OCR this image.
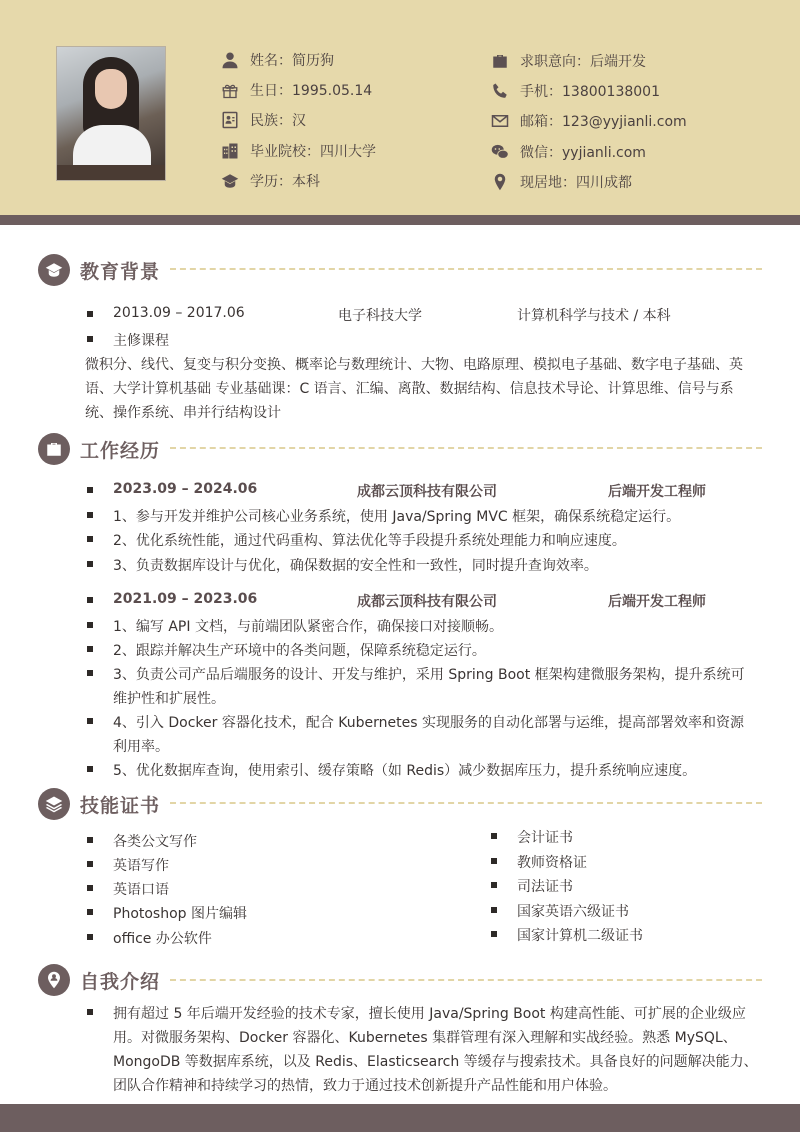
姓名：简历狗
生日：1995.05.14
民族：汉
毕业院校：四川大学
学历：本科
求职意向：后端开发
手机：13800138001
邮箱：123@yyjianli.com
微信：yyjianli.com
现居地：四川成都
教育背景
2013.09 – 2017.06	电子科技大学	计算机科学与技术 / 本科
主修课程
微积分、线代、复变与积分变换、概率论与数理统计、大物、电路原理、模拟电子基础、数字电子基础、英
语、大学计算机基础 专业基础课：C 语言、汇编、离散、数据结构、信息技术导论、计算思维、信号与系
统、操作系统、串并行结构设计
工作经历
2023.09 – 2024.06	成都云顶科技有限公司	后端开发工程师
1、参与开发并维护公司核心业务系统，使用 Java/Spring MVC 框架，确保系统稳定运行。
2、优化系统性能，通过代码重构、算法优化等手段提升系统处理能力和响应速度。
3、负责数据库设计与优化，确保数据的安全性和一致性，同时提升查询效率。
2021.09 – 2023.06	成都云顶科技有限公司	后端开发工程师
1、编写 API 文档，与前端团队紧密合作，确保接口对接顺畅。
2、跟踪并解决生产环境中的各类问题，保障系统稳定运行。
3、负责公司产品后端服务的设计、开发与维护，采用 Spring Boot 框架构建微服务架构，提升系统可
维护性和扩展性。
4、引入 Docker 容器化技术，配合 Kubernetes 实现服务的自动化部署与运维，提高部署效率和资源
利用率。
5、优化数据库查询，使用索引、缓存策略（如 Redis）减少数据库压力，提升系统响应速度。
技能证书
各类公文写作
英语写作
英语口语
Photoshop 图片编辑
office 办公软件
会计证书
教师资格证
司法证书
国家英语六级证书
国家计算机二级证书
自我介绍
拥有超过 5 年后端开发经验的技术专家，擅长使用 Java/Spring Boot 构建高性能、可扩展的企业级应
用。对微服务架构、Docker 容器化、Kubernetes 集群管理有深入理解和实战经验。熟悉 MySQL、
MongoDB 等数据库系统，以及 Redis、Elasticsearch 等缓存与搜索技术。具备良好的问题解决能力、
团队合作精神和持续学习的热情，致力于通过技术创新提升产品性能和用户体验。
